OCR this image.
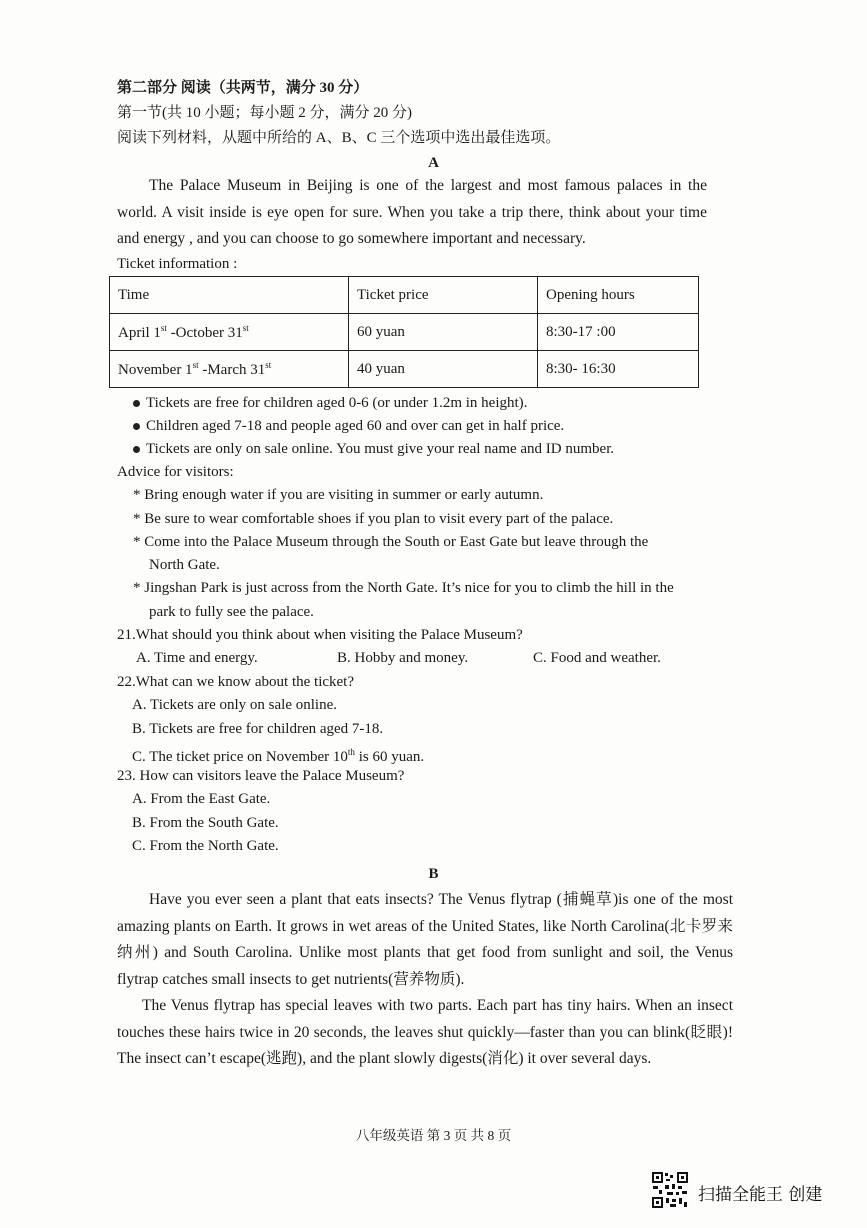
第二部分 阅读（共两节，满分 30 分）
第一节(共 10 小题；每小题 2 分，满分 20 分)
阅读下列材料，从题中所给的 A、B、C 三个选项中选出最佳选项。
A
The Palace Museum in Beijing is one of the largest and most famous palaces in the world. A visit inside is eye open for sure. When you take a trip there, think about your time and energy , and you can choose to go somewhere important and necessary.
Ticket information :
Time	Ticket price	Opening hours
April 1st -October 31st	60 yuan	8:30-17 :00
November 1st -March 31st	40 yuan	8:30- 16:30
Tickets are free for children aged 0-6 (or under 1.2m in height).
Children aged 7-18 and people aged 60 and over can get in half price.
Tickets are only on sale online. You must give your real name and ID number.
Advice for visitors:
* Bring enough water if you are visiting in summer or early autumn.
* Be sure to wear comfortable shoes if you plan to visit every part of the palace.
* Come into the Palace Museum through the South or East Gate but leave through the
North Gate.
* Jingshan Park is just across from the North Gate. It’s nice for you to climb the hill in the
park to fully see the palace.
21.What should you think about when visiting the Palace Museum?
A. Time and energy.	B. Hobby and money.	C. Food and weather.
22.What can we know about the ticket?
A. Tickets are only on sale online.
B. Tickets are free for children aged 7-18.
C. The ticket price on November 10th is 60 yuan.
23. How can visitors leave the Palace Museum?
A. From the East Gate.
B. From the South Gate.
C. From the North Gate.
B
Have you ever seen a plant that eats insects? The Venus flytrap (捕蝇草)is one of the most amazing plants on Earth. It grows in wet areas of the United States, like North Carolina(北卡罗来纳州) and South Carolina. Unlike most plants that get food from sunlight and soil, the Venus flytrap catches small insects to get nutrients(营养物质).
The Venus flytrap has special leaves with two parts. Each part has tiny hairs. When an insect touches these hairs twice in 20 seconds, the leaves shut quickly—faster than you can blink(眨眼)! The insect can’t escape(逃跑), and the plant slowly digests(消化) it over several days.
八年级英语 第 3 页 共 8 页
扫描全能王 创建
